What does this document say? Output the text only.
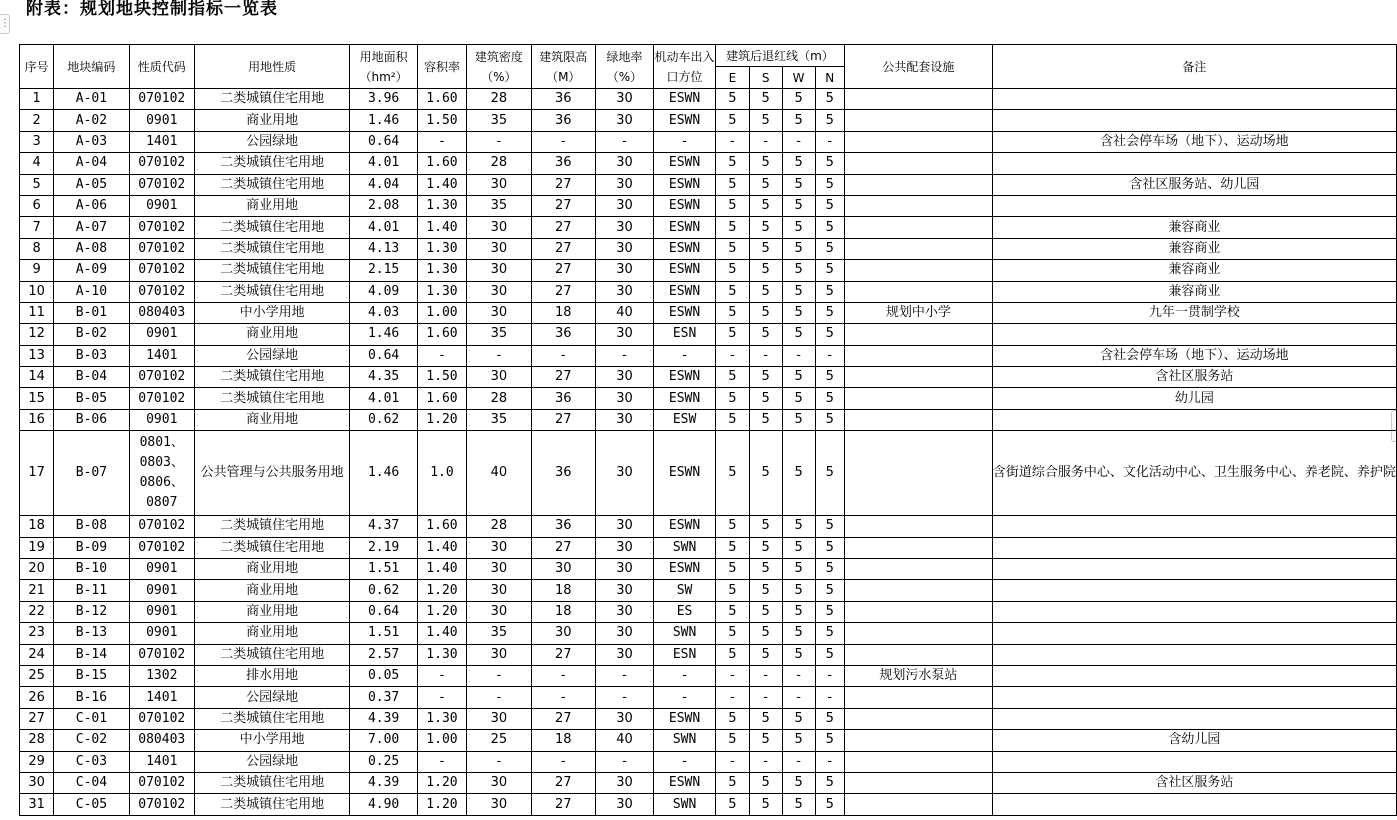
附表：规划地块控制指标一览表
⋮
序号	地块编码	性质代码	用地性质	用地面积（hm²）	容积率	建筑密度（%）	建筑限高（M）	绿地率（%）	机动车出入口方位	建筑后退红线（m）				公共配套设施	备注
										E	S	W	N		
1	A-01	070102	二类城镇住宅用地	3.96	1.60	28	36	30	ESWN	5	5	5	5		
2	A-02	0901	商业用地	1.46	1.50	35	36	30	ESWN	5	5	5	5		
3	A-03	1401	公园绿地	0.64	-	-	-	-	-	-	-	-	-		含社会停车场（地下）、运动场地
4	A-04	070102	二类城镇住宅用地	4.01	1.60	28	36	30	ESWN	5	5	5	5		
5	A-05	070102	二类城镇住宅用地	4.04	1.40	30	27	30	ESWN	5	5	5	5		含社区服务站、幼儿园
6	A-06	0901	商业用地	2.08	1.30	35	27	30	ESWN	5	5	5	5		
7	A-07	070102	二类城镇住宅用地	4.01	1.40	30	27	30	ESWN	5	5	5	5		兼容商业
8	A-08	070102	二类城镇住宅用地	4.13	1.30	30	27	30	ESWN	5	5	5	5		兼容商业
9	A-09	070102	二类城镇住宅用地	2.15	1.30	30	27	30	ESWN	5	5	5	5		兼容商业
10	A-10	070102	二类城镇住宅用地	4.09	1.30	30	27	30	ESWN	5	5	5	5		兼容商业
11	B-01	080403	中小学用地	4.03	1.00	30	18	40	ESWN	5	5	5	5	规划中小学	九年一贯制学校
12	B-02	0901	商业用地	1.46	1.60	35	36	30	ESN	5	5	5	5		
13	B-03	1401	公园绿地	0.64	-	-	-	-	-	-	-	-	-		含社会停车场（地下）、运动场地
14	B-04	070102	二类城镇住宅用地	4.35	1.50	30	27	30	ESWN	5	5	5	5		含社区服务站
15	B-05	070102	二类城镇住宅用地	4.01	1.60	28	36	30	ESWN	5	5	5	5		幼儿园
16	B-06	0901	商业用地	0.62	1.20	35	27	30	ESW	5	5	5	5		
17	B-07	0801、
0803、
0806、
0807	公共管理与公共服务用地	1.46	1.0	40	36	30	ESWN	5	5	5	5		含街道综合服务中心、文化活动中心、卫生服务中心、养老院、养护院
18	B-08	070102	二类城镇住宅用地	4.37	1.60	28	36	30	ESWN	5	5	5	5		
19	B-09	070102	二类城镇住宅用地	2.19	1.40	30	27	30	SWN	5	5	5	5		
20	B-10	0901	商业用地	1.51	1.40	30	30	30	ESWN	5	5	5	5		
21	B-11	0901	商业用地	0.62	1.20	30	18	30	SW	5	5	5	5		
22	B-12	0901	商业用地	0.64	1.20	30	18	30	ES	5	5	5	5		
23	B-13	0901	商业用地	1.51	1.40	35	30	30	SWN	5	5	5	5		
24	B-14	070102	二类城镇住宅用地	2.57	1.30	30	27	30	ESN	5	5	5	5		
25	B-15	1302	排水用地	0.05	-	-	-	-	-	-	-	-	-	规划污水泵站	
26	B-16	1401	公园绿地	0.37	-	-	-	-	-	-	-	-	-		
27	C-01	070102	二类城镇住宅用地	4.39	1.30	30	27	30	ESWN	5	5	5	5		
28	C-02	080403	中小学用地	7.00	1.00	25	18	40	SWN	5	5	5	5		含幼儿园
29	C-03	1401	公园绿地	0.25	-	-	-	-	-	-	-	-	-		
30	C-04	070102	二类城镇住宅用地	4.39	1.20	30	27	30	ESWN	5	5	5	5		含社区服务站
31	C-05	070102	二类城镇住宅用地	4.90	1.20	30	27	30	SWN	5	5	5	5		
